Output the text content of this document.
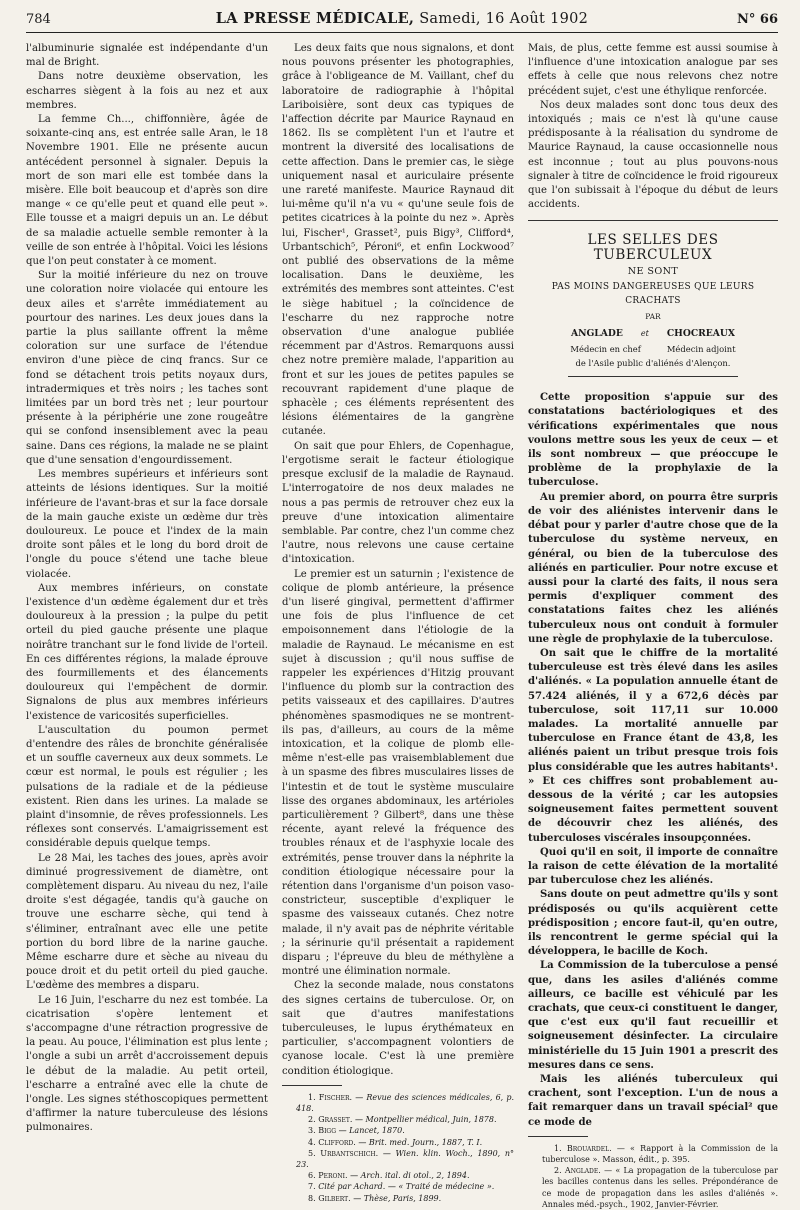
784	LA PRESSE MÉDICALE, Samedi, 16 Août 1902	N° 66

l'albuminurie signalée est indépendante d'un mal de Bright.

Dans notre deuxième observation, les escharres siègent à la fois au nez et aux membres.

La femme Ch..., chiffonnière, âgée de soixante-cinq ans, est entrée salle Aran, le 18 Novembre 1901. Elle ne présente aucun antécédent personnel à signaler. Depuis la mort de son mari elle est tombée dans la misère. Elle boit beaucoup et d'après son dire mange « ce qu'elle peut et quand elle peut ». Elle tousse et a maigri depuis un an. Le début de sa maladie actuelle semble remonter à la veille de son entrée à l'hôpital. Voici les lésions que l'on peut constater à ce moment.

Sur la moitié inférieure du nez on trouve une coloration noire violacée qui entoure les deux ailes et s'arrête immédiatement au pourtour des narines. Les deux joues dans la partie la plus saillante offrent la même coloration sur une surface de l'étendue environ d'une pièce de cinq francs. Sur ce fond se détachent trois petits noyaux durs, intradermiques et très noirs ; les taches sont limitées par un bord très net ; leur pourtour présente à la périphérie une zone rougeâtre qui se confond insensiblement avec la peau saine. Dans ces régions, la malade ne se plaint que d'une sensation d'engourdissement.

Les membres supérieurs et inférieurs sont atteints de lésions identiques. Sur la moitié inférieure de l'avant-bras et sur la face dorsale de la main gauche existe un œdème dur très douloureux. Le pouce et l'index de la main droite sont pâles et le long du bord droit de l'ongle du pouce s'étend une tache bleue violacée.

Aux membres inférieurs, on constate l'existence d'un œdème également dur et très douloureux à la pression ; la pulpe du petit orteil du pied gauche présente une plaque noirâtre tranchant sur le fond livide de l'orteil. En ces différentes régions, la malade éprouve des fourmillements et des élancements douloureux qui l'empêchent de dormir. Signalons de plus aux membres inférieurs l'existence de varicosités superficielles.

L'auscultation du poumon permet d'entendre des râles de bronchite généralisée et un souffle caverneux aux deux sommets. Le cœur est normal, le pouls est régulier ; les pulsations de la radiale et de la pédieuse existent. Rien dans les urines. La malade se plaint d'insomnie, de rêves professionnels. Les réflexes sont conservés. L'amaigrissement est considérable depuis quelque temps.

Le 28 Mai, les taches des joues, après avoir diminué progressivement de diamètre, ont complètement disparu. Au niveau du nez, l'aile droite s'est dégagée, tandis qu'à gauche on trouve une escharre sèche, qui tend à s'éliminer, entraînant avec elle une petite portion du bord libre de la narine gauche. Même escharre dure et sèche au niveau du pouce droit et du petit orteil du pied gauche. L'œdème des membres a disparu.

Le 16 Juin, l'escharre du nez est tombée. La cicatrisation s'opère lentement et s'accompagne d'une rétraction progressive de la peau. Au pouce, l'élimination est plus lente ; l'ongle a subi un arrêt d'accroissement depuis le début de la maladie. Au petit orteil, l'escharre a entraîné avec elle la chute de l'ongle. Les signes stéthoscopiques permettent d'affirmer la nature tuberculeuse des lésions pulmonaires.

Les deux faits que nous signalons, et dont nous pouvons présenter les photographies, grâce à l'obligeance de M. Vaillant, chef du laboratoire de radiographie à l'hôpital Lariboisière, sont deux cas typiques de l'affection décrite par Maurice Raynaud en 1862. Ils se complètent l'un et l'autre et montrent la diversité des localisations de cette affection. Dans le premier cas, le siège uniquement nasal et auriculaire présente une rareté manifeste. Maurice Raynaud dit lui-même qu'il n'a vu « qu'une seule fois de petites cicatrices à la pointe du nez ». Après lui, Fischer¹, Grasset², puis Bigy³, Clifford⁴, Urbantschich⁵, Péroni⁶, et enfin Lockwood⁷ ont publié des observations de la même localisation. Dans le deuxième, les extrémités des membres sont atteintes. C'est le siège habituel ; la coïncidence de l'escharre du nez rapproche notre observation d'une analogue publiée récemment par d'Astros. Remarquons aussi chez notre première malade, l'apparition au front et sur les joues de petites papules se recouvrant rapidement d'une plaque de sphacèle ; ces éléments représentent des lésions élémentaires de la gangrène cutanée.

On sait que pour Ehlers, de Copenhague, l'ergotisme serait le facteur étiologique presque exclusif de la maladie de Raynaud. L'interrogatoire de nos deux malades ne nous a pas permis de retrouver chez eux la preuve d'une intoxication alimentaire semblable. Par contre, chez l'un comme chez l'autre, nous relevons une cause certaine d'intoxication.

Le premier est un saturnin ; l'existence de colique de plomb antérieure, la présence d'un liseré gingival, permettent d'affirmer une fois de plus l'influence de cet empoisonnement dans l'étiologie de la maladie de Raynaud. Le mécanisme en est sujet à discussion ; qu'il nous suffise de rappeler les expériences d'Hitzig prouvant l'influence du plomb sur la contraction des petits vaisseaux et des capillaires. D'autres phénomènes spasmodiques ne se montrent-ils pas, d'ailleurs, au cours de la même intoxication, et la colique de plomb elle-même n'est-elle pas vraisemblablement due à un spasme des fibres musculaires lisses de l'intestin et de tout le système musculaire lisse des organes abdominaux, les artérioles particulièrement ? Gilbert⁸, dans une thèse récente, ayant relevé la fréquence des troubles rénaux et de l'asphyxie locale des extrémités, pense trouver dans la néphrite la condition étiologique nécessaire pour la rétention dans l'organisme d'un poison vaso-constricteur, susceptible d'expliquer le spasme des vaisseaux cutanés. Chez notre malade, il n'y avait pas de néphrite véritable ; la sérinurie qu'il présentait a rapidement disparu ; l'épreuve du bleu de méthylène a montré une élimination normale.

Chez la seconde malade, nous constatons des signes certains de tuberculose. Or, on sait que d'autres manifestations tuberculeuses, le lupus érythémateux en particulier, s'accompagnent volontiers de cyanose locale. C'est là une première condition étiologique.

1. Fischer. — Revue des sciences médicales, 6, p. 418.

2. Grasset. — Montpellier médical, Juin, 1878.

3. Bigg — Lancet, 1870.

4. Clifford. — Brit. med. Journ., 1887, T. I.

5. Urbantschich. — Wien. klin. Woch., 1890, n° 23.

6. Peroni. — Arch. ital. di otol., 2, 1894.

7. Cité par Achard. — « Traité de médecine ».

8. Gilbert. — Thèse, Paris, 1899.

Mais, de plus, cette femme est aussi soumise à l'influence d'une intoxication analogue par ses effets à celle que nous relevons chez notre précédent sujet, c'est une éthylique renforcée.

Nos deux malades sont donc tous deux des intoxiqués ; mais ce n'est là qu'une cause prédisposante à la réalisation du syndrome de Maurice Raynaud, la cause occasionnelle nous est inconnue ; tout au plus pouvons-nous signaler à titre de coïncidence le froid rigoureux que l'on subissait à l'époque du début de leurs accidents.

LES SELLES DES TUBERCULEUX
NE SONT
PAS MOINS DANGEREUSES QUE LEURS CRACHATS
PAR
ANGLADE et CHOCREAUX
Médecin en chef	Médecin adjoint
de l'Asile public d'aliénés d'Alençon.

Cette proposition s'appuie sur des constatations bactériologiques et des vérifications expérimentales que nous voulons mettre sous les yeux de ceux — et ils sont nombreux — que préoccupe le problème de la prophylaxie de la tuberculose.

Au premier abord, on pourra être surpris de voir des aliénistes intervenir dans le débat pour y parler d'autre chose que de la tuberculose du système nerveux, en général, ou bien de la tuberculose des aliénés en particulier. Pour notre excuse et aussi pour la clarté des faits, il nous sera permis d'expliquer comment des constatations faites chez les aliénés tuberculeux nous ont conduit à formuler une règle de prophylaxie de la tuberculose.

On sait que le chiffre de la mortalité tuberculeuse est très élevé dans les asiles d'aliénés. « La population annuelle étant de 57.424 aliénés, il y a 672,6 décès par tuberculose, soit 117,11 sur 10.000 malades. La mortalité annuelle par tuberculose en France étant de 43,8, les aliénés paient un tribut presque trois fois plus considérable que les autres habitants¹. » Et ces chiffres sont probablement au-dessous de la vérité ; car les autopsies soigneusement faites permettent souvent de découvrir chez les aliénés, des tuberculoses viscérales insoupçonnées.

Quoi qu'il en soit, il importe de connaître la raison de cette élévation de la mortalité par tuberculose chez les aliénés.

Sans doute on peut admettre qu'ils y sont prédisposés ou qu'ils acquièrent cette prédisposition ; encore faut-il, qu'en outre, ils rencontrent le germe spécial qui la développera, le bacille de Koch.

La Commission de la tuberculose a pensé que, dans les asiles d'aliénés comme ailleurs, ce bacille est véhiculé par les crachats, que ceux-ci constituent le danger, que c'est eux qu'il faut recueillir et soigneusement désinfecter. La circulaire ministérielle du 15 Juin 1901 a prescrit des mesures dans ce sens.

Mais les aliénés tuberculeux qui crachent, sont l'exception. L'un de nous a fait remarquer dans un travail spécial² que ce mode de

1. Brouardel. — « Rapport à la Commission de la tuberculose ». Masson, édit., p. 395.

2. Anglade. — « La propagation de la tuberculose par les bacilles contenus dans les selles. Prépondérance de ce mode de propagation dans les asiles d'aliénés ». Annales méd.-psych., 1902, Janvier-Février.
